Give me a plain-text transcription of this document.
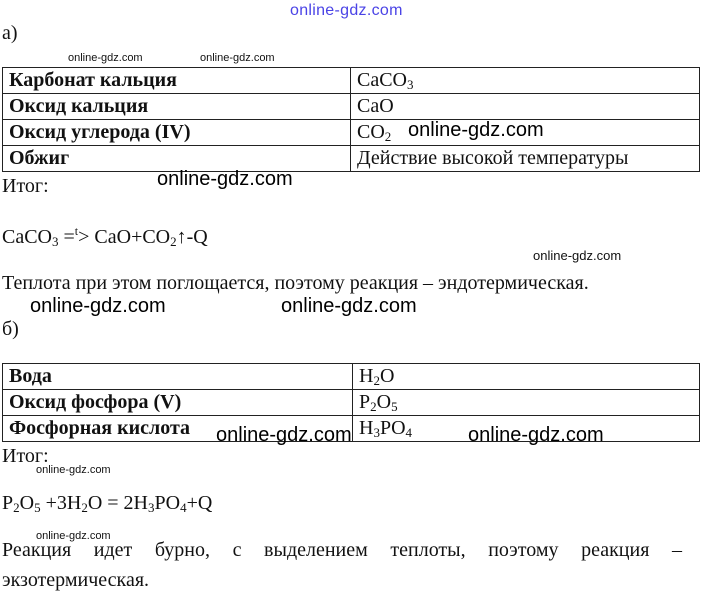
online-gdz.com
а)
online-gdz.com	online-gdz.com
Карбонат кальция	CaCO$_3$
Оксид кальция	CaO
Оксид углерода (IV)	$CO_2$
Обжиг	Действие высокой температуры
online-gdz.com
Итог:	online-gdz.com
CaCO$_3$ $=^t> CaO+CO_2↑-Q$
online-gdz.com
Теплота при этом поглощается, поэтому реакция – эндотермическая.
online-gdz.com	online-gdz.com
б)
Вода	$H_2O$
Оксид фосфора (V)	$P_2O_5$
Фосфорная кислота	$H_3PO_4$
online-gdz.com	online-gdz.com
Итог:
online-gdz.com
$P_2O_5 +3H_2O = 2H_3PO_4+Q$
online-gdz.com
Реакция идет бурно, с выделением теплоты, поэтому реакция – экзотермическая.
